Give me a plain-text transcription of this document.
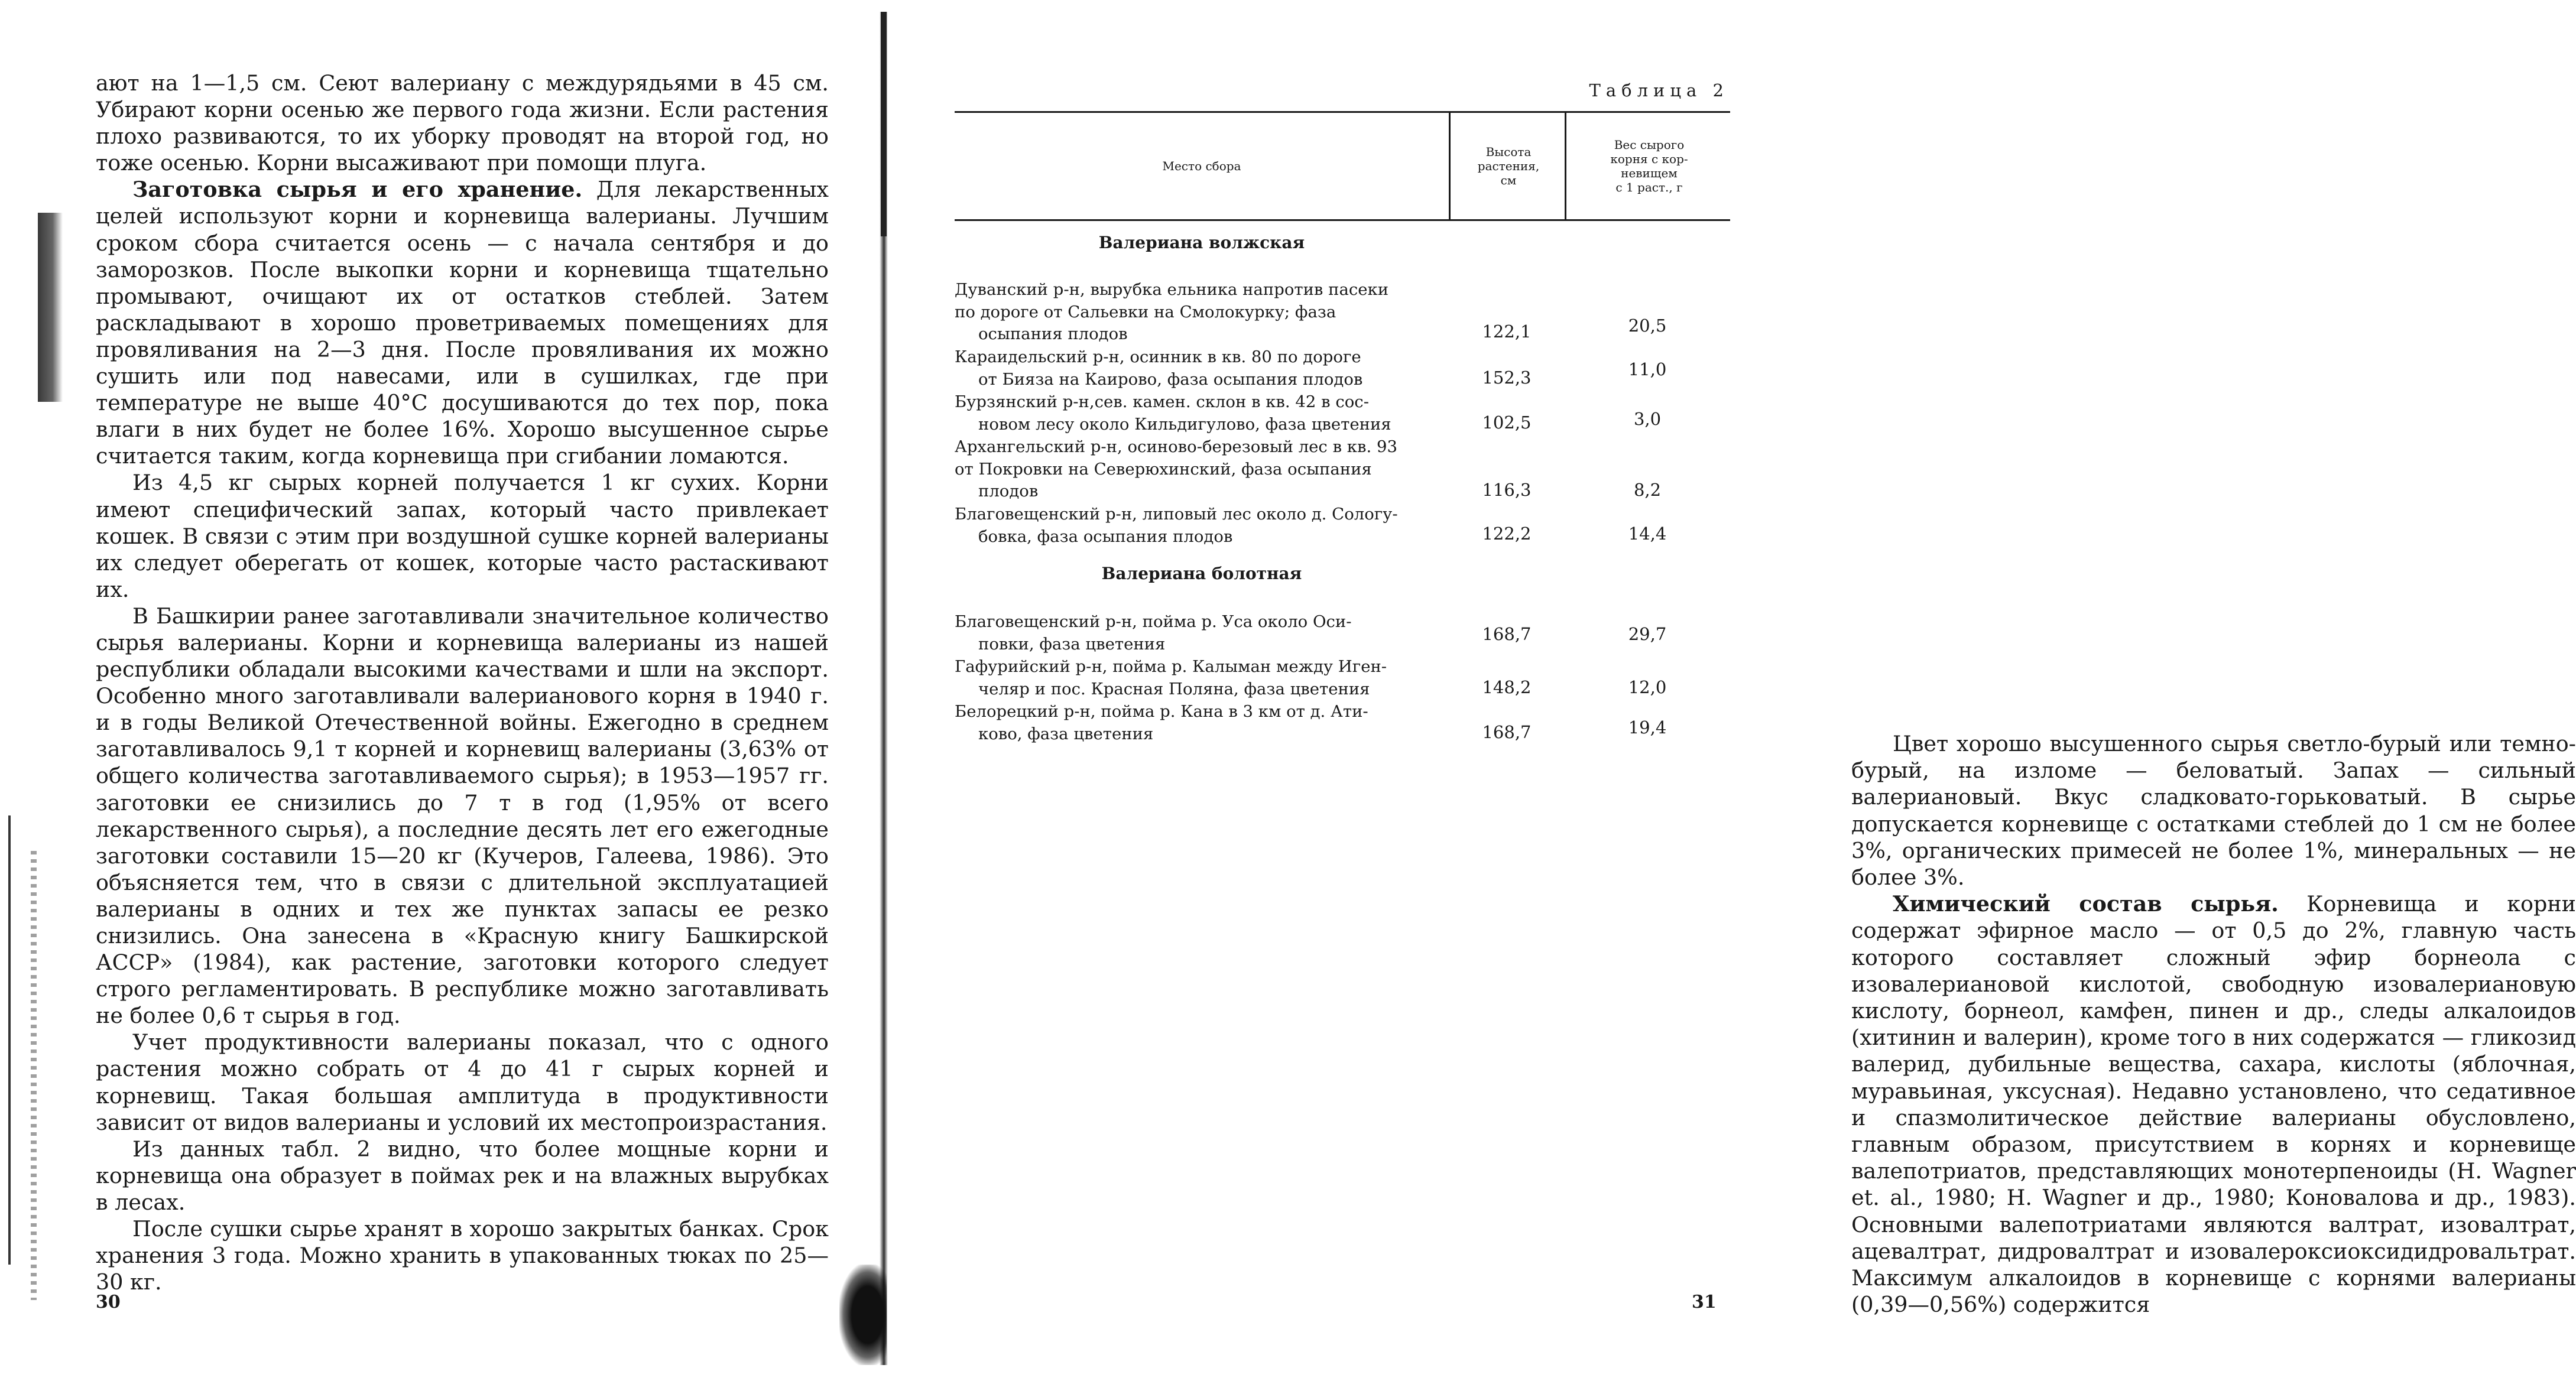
ают на 1—1,5 см. Сеют валериану с междурядьями в 45 см. Убирают корни осенью же первого года жизни. Если растения плохо развиваются, то их уборку проводят на второй год, но тоже осенью. Корни высаживают при помощи плуга.

Заготовка сырья и его хранение. Для лекарственных целей используют корни и корневища валерианы. Лучшим сроком сбора считается осень — с начала сентября и до заморозков. После выкопки корни и корневища тщательно промывают, очищают их от остатков стеблей. Затем раскладывают в хорошо проветриваемых помещениях для провяливания на 2—3 дня. После провяливания их можно сушить или под навесами, или в сушилках, где при температуре не выше 40°С досушиваются до тех пор, пока влаги в них будет не более 16%. Хорошо высушенное сырье считается таким, когда корневища при сгибании ломаются.

Из 4,5 кг сырых корней получается 1 кг сухих. Корни имеют специфический запах, который часто привлекает кошек. В связи с этим при воздушной сушке корней валерианы их следует оберегать от кошек, которые часто растаскивают их.

В Башкирии ранее заготавливали значительное количество сырья валерианы. Корни и корневища валерианы из нашей республики обладали высокими качествами и шли на экспорт. Особенно много заготавливали валерианового корня в 1940 г. и в годы Великой Отечественной войны. Ежегодно в среднем заготавливалось 9,1 т корней и корневищ валерианы (3,63% от общего количества заготавливаемого сырья); в 1953—1957 гг. заготовки ее снизились до 7 т в год (1,95% от всего лекарственного сырья), а последние десять лет его ежегодные заготовки составили 15—20 кг (Кучеров, Галеева, 1986). Это объясняется тем, что в связи с длительной эксплуатацией валерианы в одних и тех же пунктах запасы ее резко снизились. Она занесена в «Красную книгу Башкирской АССР» (1984), как растение, заготовки которого следует строго регламентировать. В республике можно заготавливать не более 0,6 т сырья в год.

Учет продуктивности валерианы показал, что с одного растения можно собрать от 4 до 41 г сырых корней и корневищ. Такая большая амплитуда в продуктивности зависит от видов валерианы и условий их местопроизрастания.

Из данных табл. 2 видно, что более мощные корни и корневища она образует в поймах рек и на влажных вырубках в лесах.

После сушки сырье хранят в хорошо закрытых банках. Срок хранения 3 года. Можно хранить в упакованных тюках по 25—30 кг.

30
Таблица 2
Место сбора
Высота
растения,
см
Вес сырого
корня с кор-
невищем
с 1 раст., г
Валериана волжская
Дуванский р-н, вырубка ельника напротив пасеки
по дороге от Сальевки на Смолокурку; фаза
осыпания плодов	122,1	20,5
Караидельский р-н, осинник в кв. 80 по дороге
от Бияза на Каирово, фаза осыпания плодов	152,3	11,0
Бурзянский р-н,сев. камен. склон в кв. 42 в сос-
новом лесу около Кильдигулово, фаза цветения	102,5	3,0
Архангельский р-н, осиново-березовый лес в кв. 93
от Покровки на Северюхинский, фаза осыпания
плодов	116,3	8,2
Благовещенский р-н, липовый лес около д. Сологу-
бовка, фаза осыпания плодов	122,2	14,4
Валериана болотная
Благовещенский р-н, пойма р. Уса около Оси-
повки, фаза цветения	168,7	29,7
Гафурийский р-н, пойма р. Калыман между Иген-
челяр и пос. Красная Поляна, фаза цветения	148,2	12,0
Белорецкий р-н, пойма р. Кана в 3 км от д. Ати-
ково, фаза цветения	168,7	19,4

Цвет хорошо высушенного сырья светло-бурый или темно-бурый, на изломе — беловатый. Запах — сильный валериановый. Вкус сладковато-горьковатый. В сырье допускается корневище с остатками стеблей до 1 см не более 3%, органических примесей не более 1%, минеральных — не более 3%.

Химический состав сырья. Корневища и корни содержат эфирное масло — от 0,5 до 2%, главную часть которого составляет сложный эфир борнеола с изовалериановой кислотой, свободную изовалериановую кислоту, борнеол, камфен, пинен и др., следы алкалоидов (хитинин и валерин), кроме того в них содержатся — гликозид валерид, дубильные вещества, сахара, кислоты (яблочная, муравьиная, уксусная). Недавно установлено, что седативное и спазмолитическое действие валерианы обусловлено, главным образом, присутствием в корнях и корневище валепотриатов, представляющих монотерпеноиды (H. Wagner et. al., 1980; H. Wagner и др., 1980; Коновалова и др., 1983). Основными валепотриатами являются валтрат, изовалтрат, ацевалтрат, дидровалтрат и изовалероксиоксидидровальтрат. Максимум алкалоидов в корневище с корнями валерианы (0,39—0,56%) содержится

31
